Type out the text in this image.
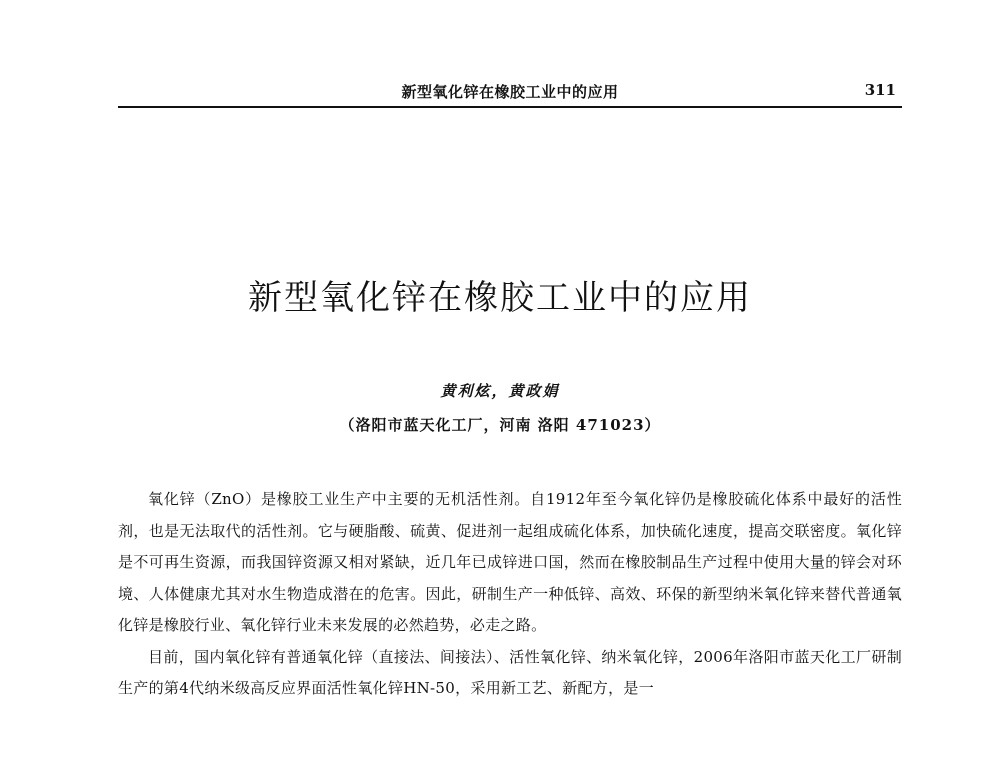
新型氧化锌在橡胶工业中的应用	311
新型氧化锌在橡胶工业中的应用
黄利炫，黄政娟
（洛阳市蓝天化工厂，河南 洛阳 471023）

氧化锌（ZnO）是橡胶工业生产中主要的无机活性剂。自1912年至今氧化锌仍是橡胶硫化体系中最好的活性剂，也是无法取代的活性剂。它与硬脂酸、硫黄、促进剂一起组成硫化体系，加快硫化速度，提高交联密度。氧化锌是不可再生资源，而我国锌资源又相对紧缺，近几年已成锌进口国，然而在橡胶制品生产过程中使用大量的锌会对环境、人体健康尤其对水生物造成潜在的危害。因此，研制生产一种低锌、高效、环保的新型纳米氧化锌来替代普通氧化锌是橡胶行业、氧化锌行业未来发展的必然趋势，必走之路。

目前，国内氧化锌有普通氧化锌（直接法、间接法）、活性氧化锌、纳米氧化锌，2006年洛阳市蓝天化工厂研制生产的第4代纳米级高反应界面活性氧化锌HN-50，采用新工艺、新配方，是一
